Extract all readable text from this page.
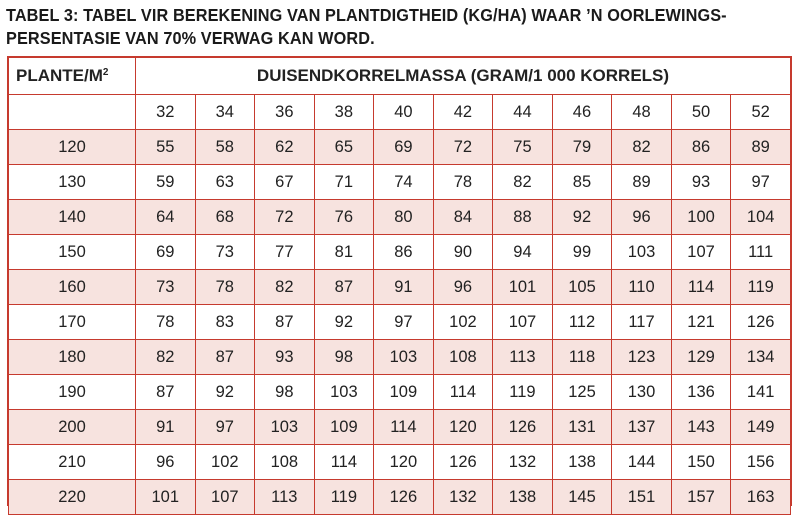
TABEL 3: TABEL VIR BEREKENING VAN PLANTDIGTHEID (KG/HA) WAAR ’N OORLEWINGS-
PERSENTASIE VAN 70% VERWAG KAN WORD.
PLANTE/$M^2$	DUISENDKORRELMASSA (GRAM/1 000 KORRELS)										
	32	34	36	38	40	42	44	46	48	50	52
120	55	58	62	65	69	72	75	79	82	86	89
130	59	63	67	71	74	78	82	85	89	93	97
140	64	68	72	76	80	84	88	92	96	100	104
150	69	73	77	81	86	90	94	99	103	107	111
160	73	78	82	87	91	96	101	105	110	114	119
170	78	83	87	92	97	102	107	112	117	121	126
180	82	87	93	98	103	108	113	118	123	129	134
190	87	92	98	103	109	114	119	125	130	136	141
200	91	97	103	109	114	120	126	131	137	143	149
210	96	102	108	114	120	126	132	138	144	150	156
220	101	107	113	119	126	132	138	145	151	157	163
